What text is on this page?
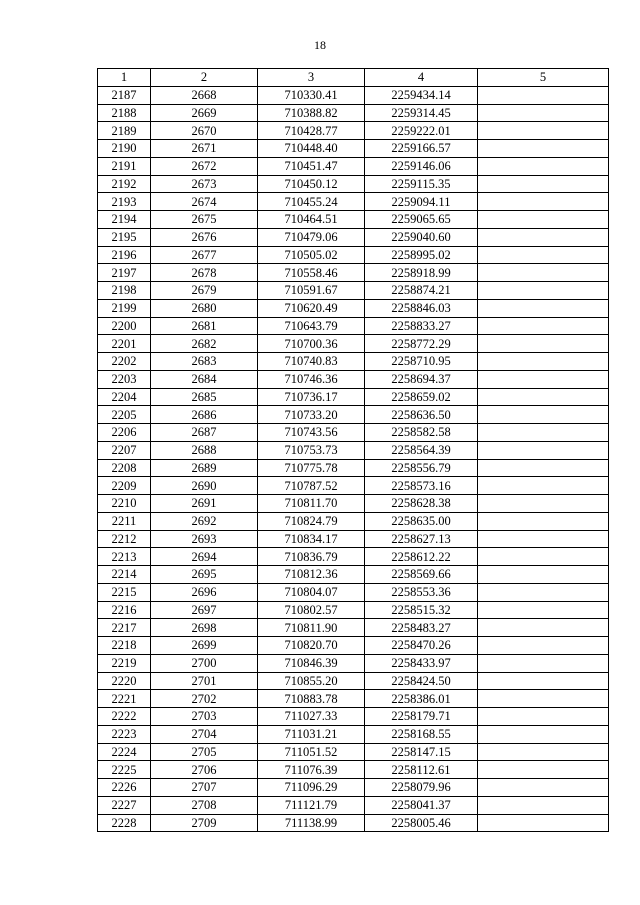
18
1	2	3	4	5
2187	2668	710330.41	2259434.14	
2188	2669	710388.82	2259314.45	
2189	2670	710428.77	2259222.01	
2190	2671	710448.40	2259166.57	
2191	2672	710451.47	2259146.06	
2192	2673	710450.12	2259115.35	
2193	2674	710455.24	2259094.11	
2194	2675	710464.51	2259065.65	
2195	2676	710479.06	2259040.60	
2196	2677	710505.02	2258995.02	
2197	2678	710558.46	2258918.99	
2198	2679	710591.67	2258874.21	
2199	2680	710620.49	2258846.03	
2200	2681	710643.79	2258833.27	
2201	2682	710700.36	2258772.29	
2202	2683	710740.83	2258710.95	
2203	2684	710746.36	2258694.37	
2204	2685	710736.17	2258659.02	
2205	2686	710733.20	2258636.50	
2206	2687	710743.56	2258582.58	
2207	2688	710753.73	2258564.39	
2208	2689	710775.78	2258556.79	
2209	2690	710787.52	2258573.16	
2210	2691	710811.70	2258628.38	
2211	2692	710824.79	2258635.00	
2212	2693	710834.17	2258627.13	
2213	2694	710836.79	2258612.22	
2214	2695	710812.36	2258569.66	
2215	2696	710804.07	2258553.36	
2216	2697	710802.57	2258515.32	
2217	2698	710811.90	2258483.27	
2218	2699	710820.70	2258470.26	
2219	2700	710846.39	2258433.97	
2220	2701	710855.20	2258424.50	
2221	2702	710883.78	2258386.01	
2222	2703	711027.33	2258179.71	
2223	2704	711031.21	2258168.55	
2224	2705	711051.52	2258147.15	
2225	2706	711076.39	2258112.61	
2226	2707	711096.29	2258079.96	
2227	2708	711121.79	2258041.37	
2228	2709	711138.99	2258005.46	
